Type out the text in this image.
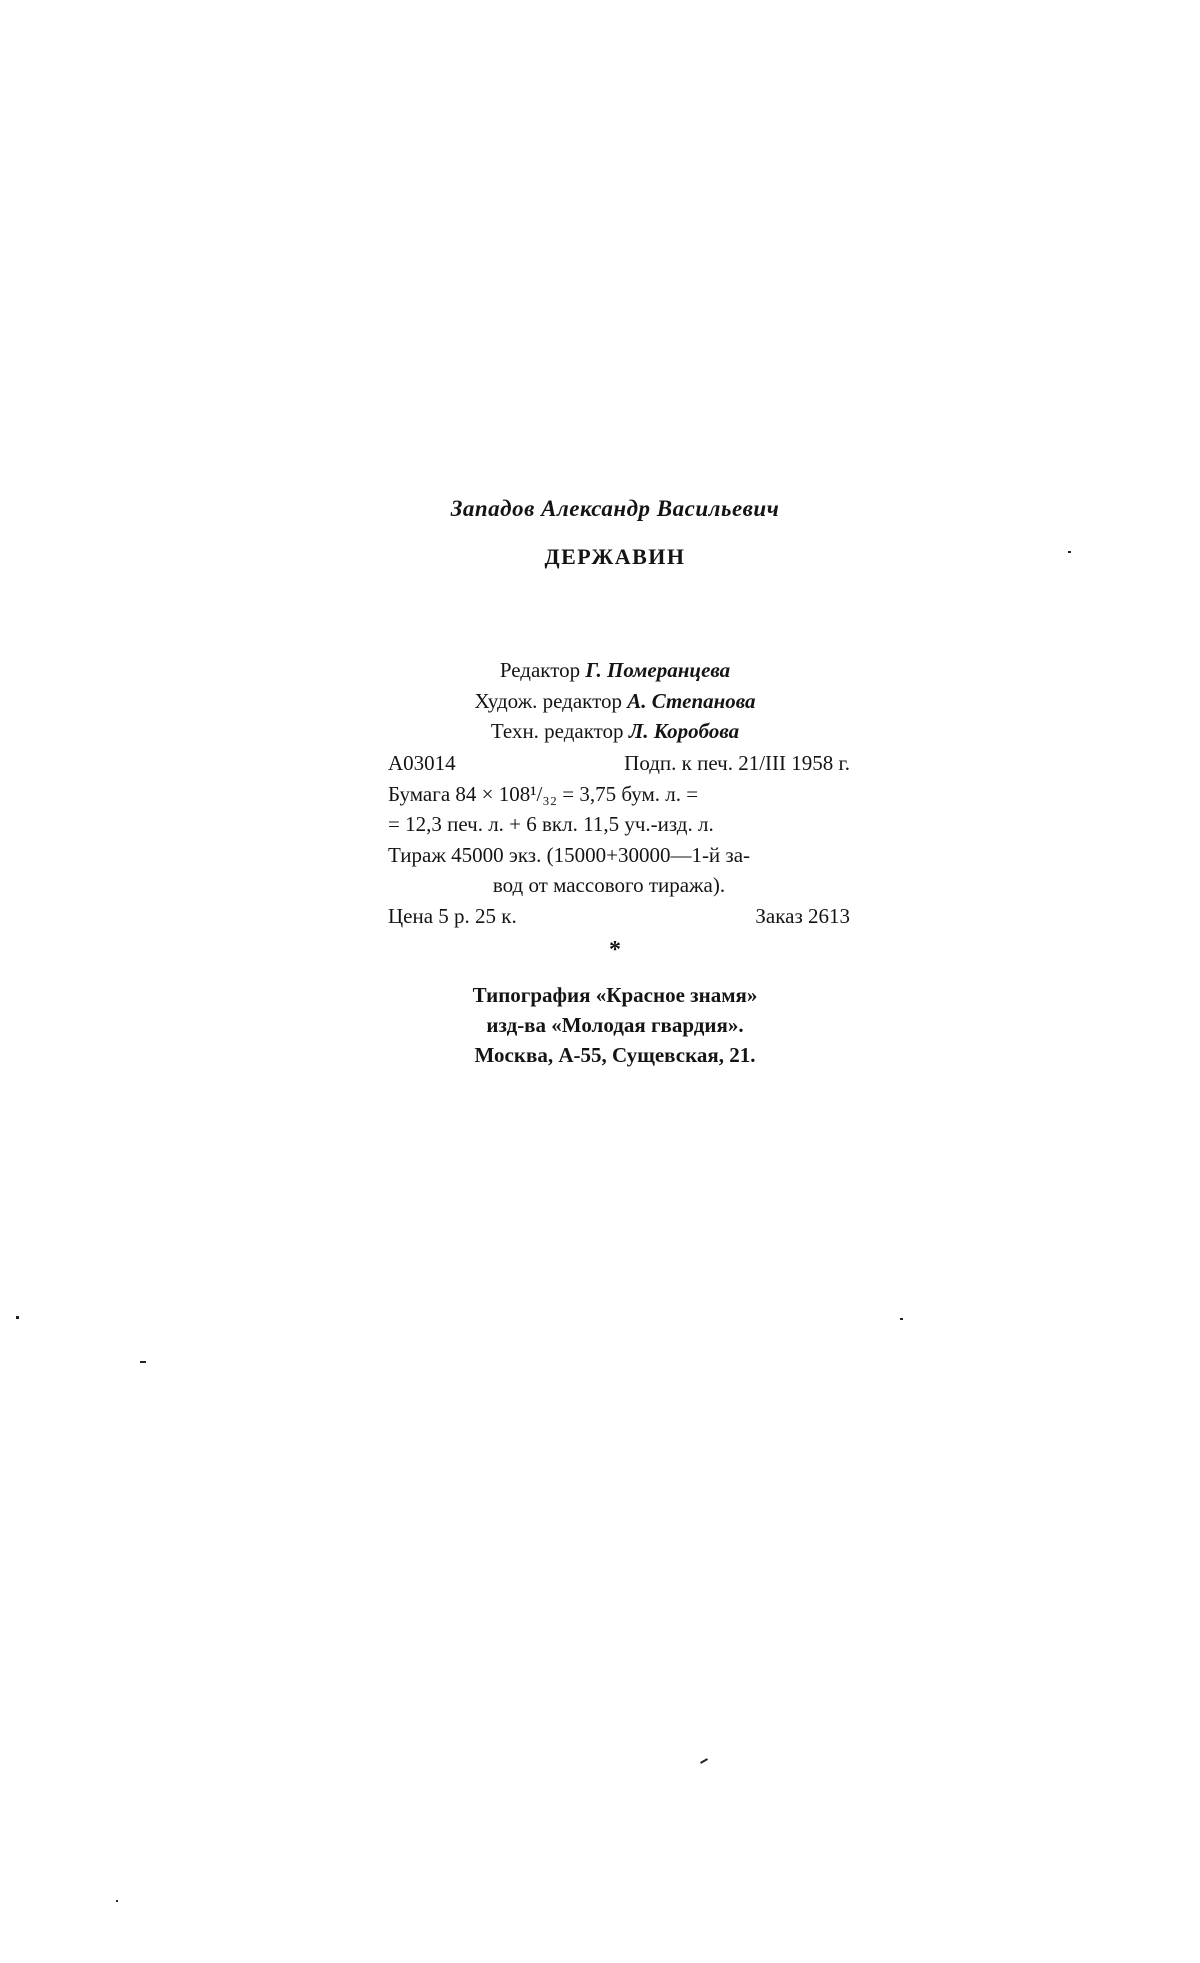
Западов Александр Васильевич
ДЕРЖАВИН
Редактор Г. Померанцева
Худож. редактор А. Степанова
Техн. редактор Л. Коробова
А03014	Подп. к печ. 21/III 1958 г.
Бумага 84 × 108¹/₃₂ = 3,75 бум. л. =
= 12,3 печ. л. + 6 вкл. 11,5 уч.-изд. л.
Тираж 45000 экз. (15000+30000—1-й за-
вод от массового тиража).
Цена 5 р. 25 к.	Заказ 2613
*
Типография «Красное знамя»
изд-ва «Молодая гвардия».
Москва, А-55, Сущевская, 21.
